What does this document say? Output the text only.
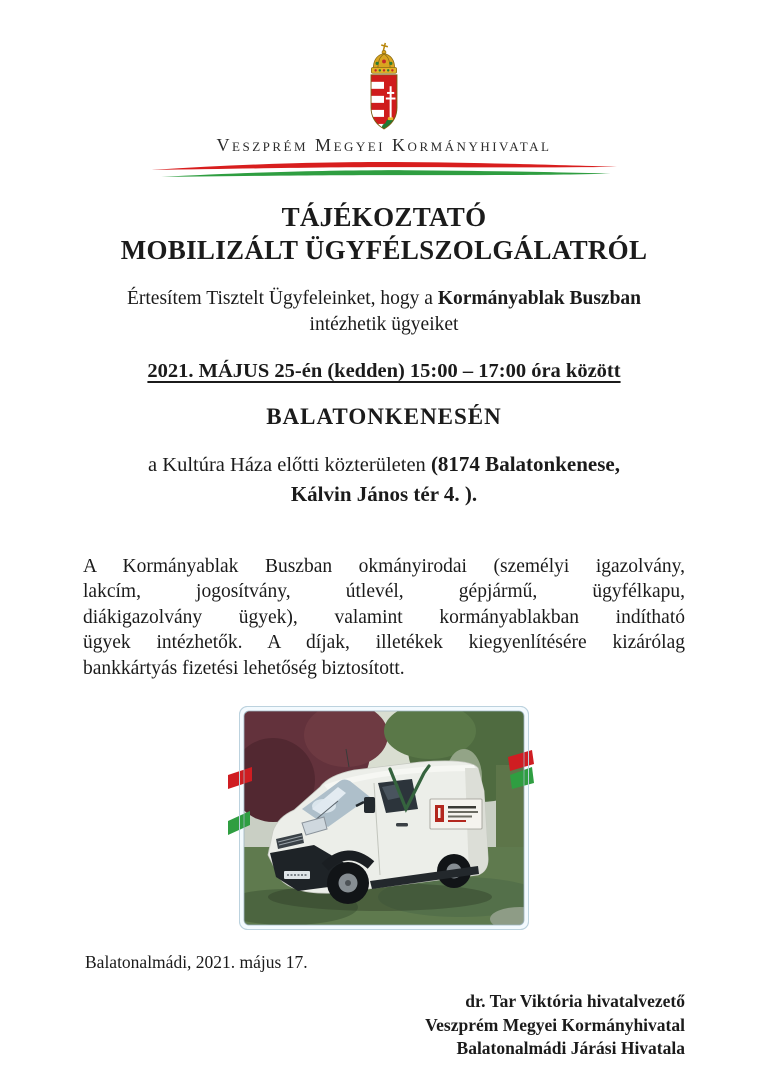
Veszprém Megyei Kormányhivatal
TÁJÉKOZTATÓ
MOBILIZÁLT ÜGYFÉLSZOLGÁLATRÓL
Értesítem Tisztelt Ügyfeleinket, hogy a Kormányablak Buszban
intézhetik ügyeiket
2021. MÁJUS 25-én (kedden) 15:00 – 17:00 óra között
BALATONKENESÉN
a Kultúra Háza előtti közterületen (8174 Balatonkenese,
Kálvin János tér 4. ).
A Kormányablak Buszban okmányirodai (személyi igazolvány,
lakcím, jogosítvány, útlevél, gépjármű, ügyfélkapu,
diákigazolvány ügyek), valamint kormányablakban indítható
ügyek intézhetők. A díjak, illetékek kiegyenlítésére kizárólag
bankkártyás fizetési lehetőség biztosított.
Balatonalmádi, 2021. május 17.
dr. Tar Viktória hivatalvezető
Veszprém Megyei Kormányhivatal
Balatonalmádi Járási Hivatala
